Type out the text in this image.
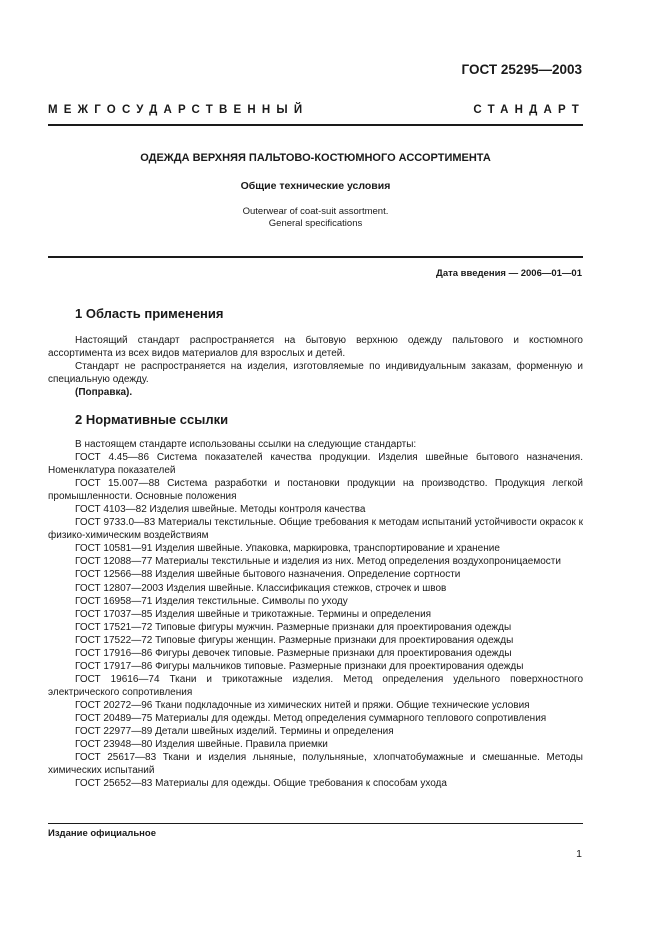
ГОСТ 25295—2003
МЕЖГОСУДАРСТВЕННЫЙ СТАНДАРТ
ОДЕЖДА ВЕРХНЯЯ ПАЛЬТОВО-КОСТЮМНОГО АССОРТИМЕНТА
Общие технические условия
Outerwear of coat-suit assortment.
General specifications
Дата введения — 2006—01—01
1 Область применения

Настоящий стандарт распространяется на бытовую верхнюю одежду пальтового и костюмного ассортимента из всех видов материалов для взрослых и детей.

Стандарт не распространяется на изделия, изготовляемые по индивидуальным заказам, форменную и специальную одежду.

(Поправка).

2 Нормативные ссылки

В настоящем стандарте использованы ссылки на следующие стандарты:

ГОСТ 4.45—86 Система показателей качества продукции. Изделия швейные бытового назначения. Номенклатура показателей

ГОСТ 15.007—88 Система разработки и постановки продукции на производство. Продукция легкой промышленности. Основные положения

ГОСТ 4103—82 Изделия швейные. Методы контроля качества

ГОСТ 9733.0—83 Материалы текстильные. Общие требования к методам испытаний устойчивости окрасок к физико-химическим воздействиям

ГОСТ 10581—91 Изделия швейные. Упаковка, маркировка, транспортирование и хранение

ГОСТ 12088—77 Материалы текстильные и изделия из них. Метод определения воздухопроницаемости

ГОСТ 12566—88 Изделия швейные бытового назначения. Определение сортности

ГОСТ 12807—2003 Изделия швейные. Классификация стежков, строчек и швов

ГОСТ 16958—71 Изделия текстильные. Символы по уходу

ГОСТ 17037—85 Изделия швейные и трикотажные. Термины и определения

ГОСТ 17521—72 Типовые фигуры мужчин. Размерные признаки для проектирования одежды

ГОСТ 17522—72 Типовые фигуры женщин. Размерные признаки для проектирования одежды

ГОСТ 17916—86 Фигуры девочек типовые. Размерные признаки для проектирования одежды

ГОСТ 17917—86 Фигуры мальчиков типовые. Размерные признаки для проектирования одежды

ГОСТ 19616—74 Ткани и трикотажные изделия. Метод определения удельного поверхностного электрического сопротивления

ГОСТ 20272—96 Ткани подкладочные из химических нитей и пряжи. Общие технические условия

ГОСТ 20489—75 Материалы для одежды. Метод определения суммарного теплового сопротивления

ГОСТ 22977—89 Детали швейных изделий. Термины и определения

ГОСТ 23948—80 Изделия швейные. Правила приемки

ГОСТ 25617—83 Ткани и изделия льняные, полульняные, хлопчатобумажные и смешанные. Методы химических испытаний

ГОСТ 25652—83 Материалы для одежды. Общие требования к способам ухода

Издание официальное
1
